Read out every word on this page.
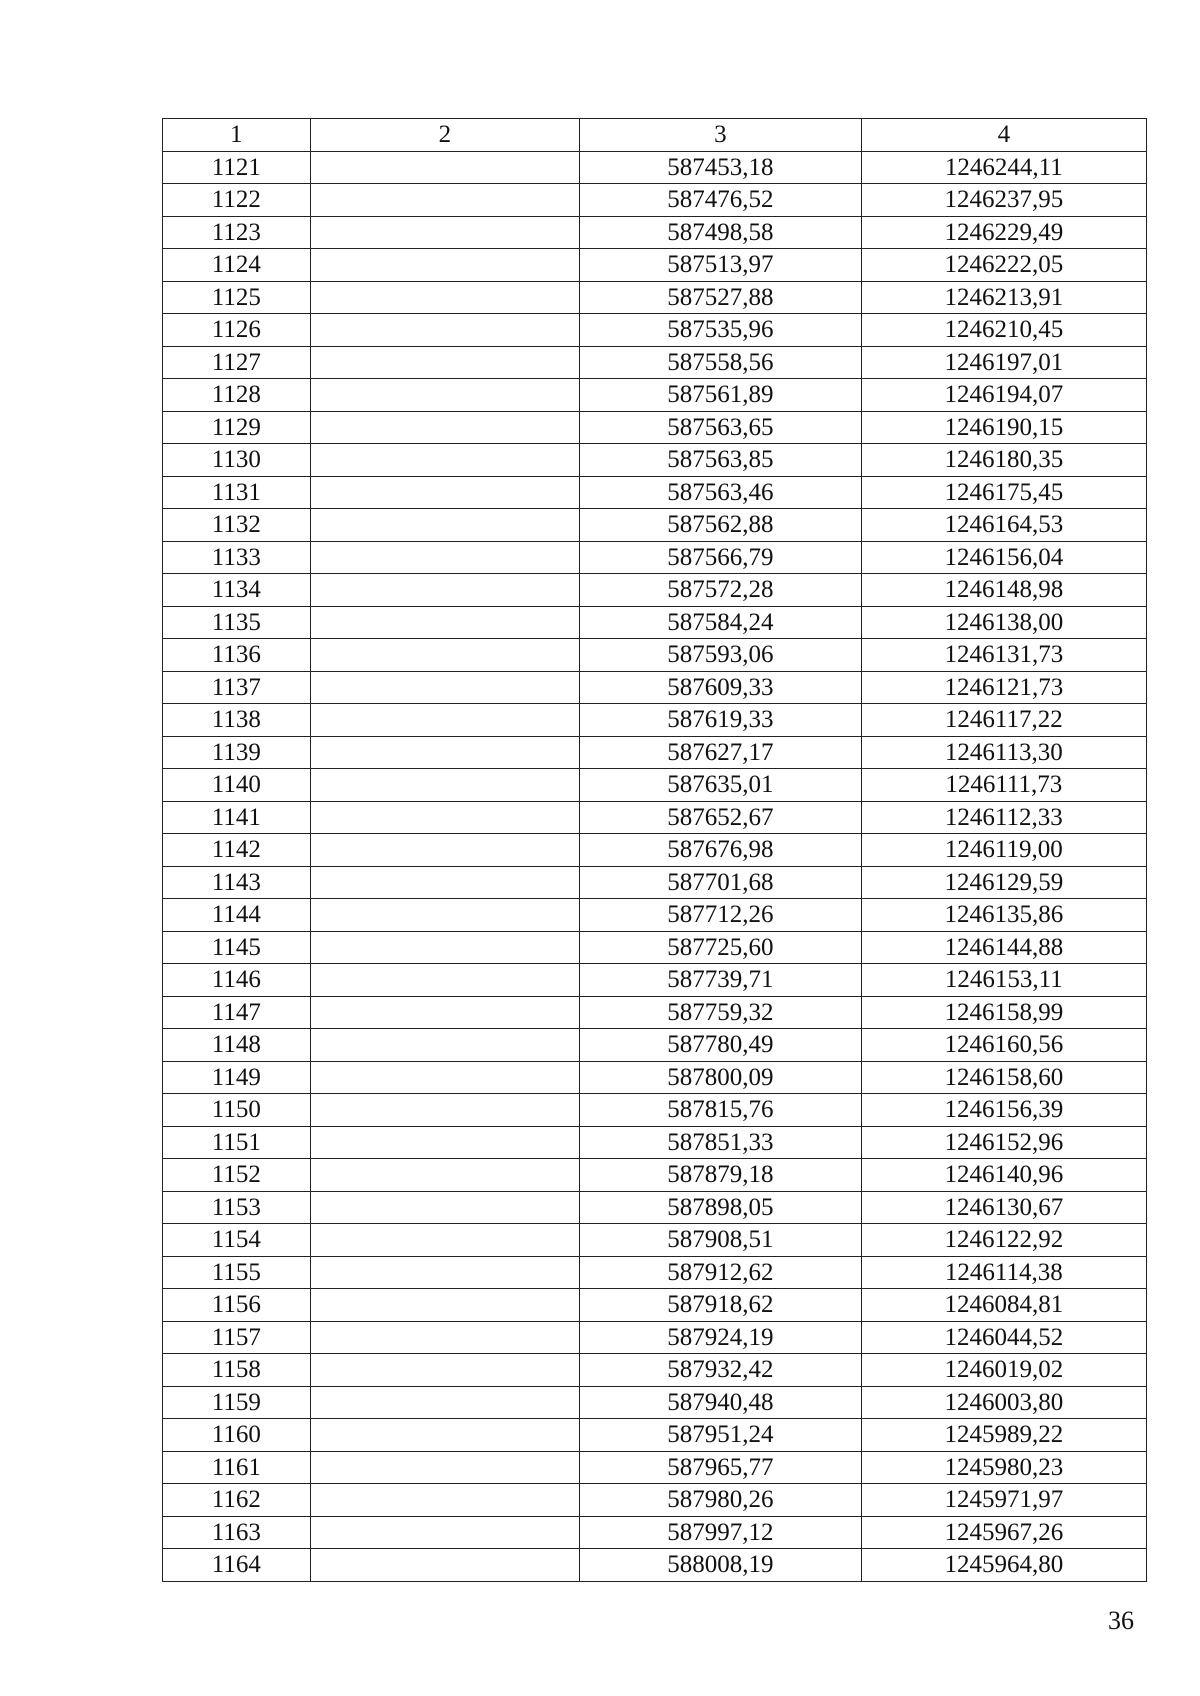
1	2	3	4
1121		587453,18	1246244,11
1122		587476,52	1246237,95
1123		587498,58	1246229,49
1124		587513,97	1246222,05
1125		587527,88	1246213,91
1126		587535,96	1246210,45
1127		587558,56	1246197,01
1128		587561,89	1246194,07
1129		587563,65	1246190,15
1130		587563,85	1246180,35
1131		587563,46	1246175,45
1132		587562,88	1246164,53
1133		587566,79	1246156,04
1134		587572,28	1246148,98
1135		587584,24	1246138,00
1136		587593,06	1246131,73
1137		587609,33	1246121,73
1138		587619,33	1246117,22
1139		587627,17	1246113,30
1140		587635,01	1246111,73
1141		587652,67	1246112,33
1142		587676,98	1246119,00
1143		587701,68	1246129,59
1144		587712,26	1246135,86
1145		587725,60	1246144,88
1146		587739,71	1246153,11
1147		587759,32	1246158,99
1148		587780,49	1246160,56
1149		587800,09	1246158,60
1150		587815,76	1246156,39
1151		587851,33	1246152,96
1152		587879,18	1246140,96
1153		587898,05	1246130,67
1154		587908,51	1246122,92
1155		587912,62	1246114,38
1156		587918,62	1246084,81
1157		587924,19	1246044,52
1158		587932,42	1246019,02
1159		587940,48	1246003,80
1160		587951,24	1245989,22
1161		587965,77	1245980,23
1162		587980,26	1245971,97
1163		587997,12	1245967,26
1164		588008,19	1245964,80
36
